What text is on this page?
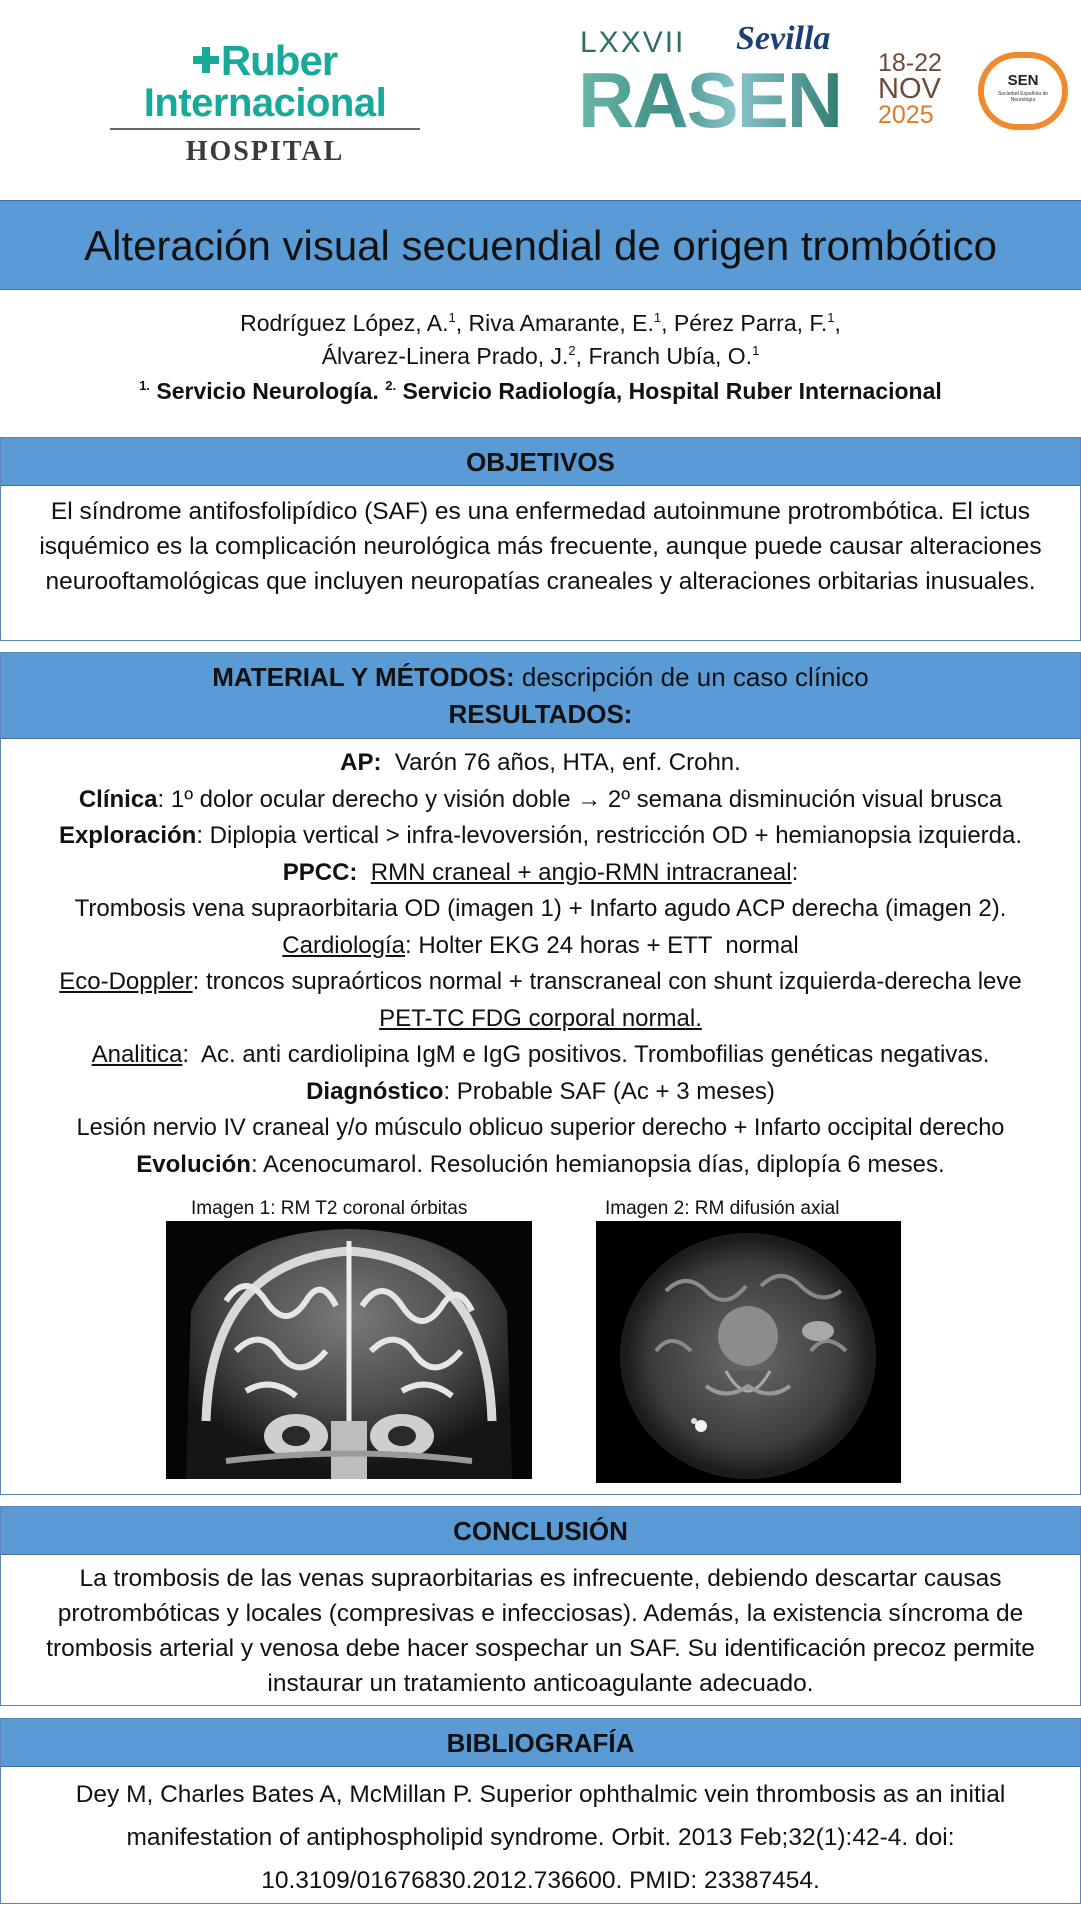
Ruber
Internacional
HOSPITAL
LXXVII Sevilla
RASEN 18-22
NOV
2025
SEN
Sociedad Española de Neurología
Alteración visual secuendial de origen trombótico
Rodríguez López, A.$^1$, Riva Amarante, E.$^1$, Pérez Parra, F.$^1$,
Álvarez-Linera Prado, J.$^2$, Franch Ubía, O.$^1$
$^{1.}$ Servicio Neurología. $^{2.}$ Servicio Radiología, Hospital Ruber Internacional
OBJETIVOS
El síndrome antifosfolipídico (SAF) es una enfermedad autoinmune protrombótica. El ictus isquémico es la complicación neurológica más frecuente, aunque puede causar alteraciones neurooftamológicas que incluyen neuropatías craneales y alteraciones orbitarias inusuales.
MATERIAL Y MÉTODOS: descripción de un caso clínico
RESULTADOS:

AP:  Varón 76 años, HTA, enf. Crohn.

Clínica: 1º dolor ocular derecho y visión doble → 2º semana disminución visual brusca

Exploración: Diplopia vertical > infra-levoversión, restricción OD + hemianopsia izquierda.

PPCC: RMN craneal + angio-RMN intracraneal:

Trombosis vena supraorbitaria OD (imagen 1) + Infarto agudo ACP derecha (imagen 2).

Cardiología: Holter EKG 24 horas + ETT  normal

Eco-Doppler: troncos supraórticos normal + transcraneal con shunt izquierda-derecha leve

PET-TC FDG corporal normal.

Analitica:  Ac. anti cardiolipina IgM e IgG positivos. Trombofilias genéticas negativas.

Diagnóstico: Probable SAF (Ac + 3 meses)

Lesión nervio IV craneal y/o músculo oblicuo superior derecho + Infarto occipital derecho

Evolución: Acenocumarol. Resolución hemianopsia días, diplopía 6 meses.

Imagen 1: RM T2 coronal órbitas	Imagen 2: RM difusión axial
CONCLUSIÓN
La trombosis de las venas supraorbitarias es infrecuente, debiendo descartar causas protrombóticas y locales (compresivas e infecciosas). Además, la existencia síncroma de trombosis arterial y venosa debe hacer sospechar un SAF. Su identificación precoz permite instaurar un tratamiento anticoagulante adecuado.
BIBLIOGRAFÍA
Dey M, Charles Bates A, McMillan P. Superior ophthalmic vein thrombosis as an initial manifestation of antiphospholipid syndrome. Orbit. 2013 Feb;32(1):42-4. doi: 10.3109/01676830.2012.736600. PMID: 23387454.
